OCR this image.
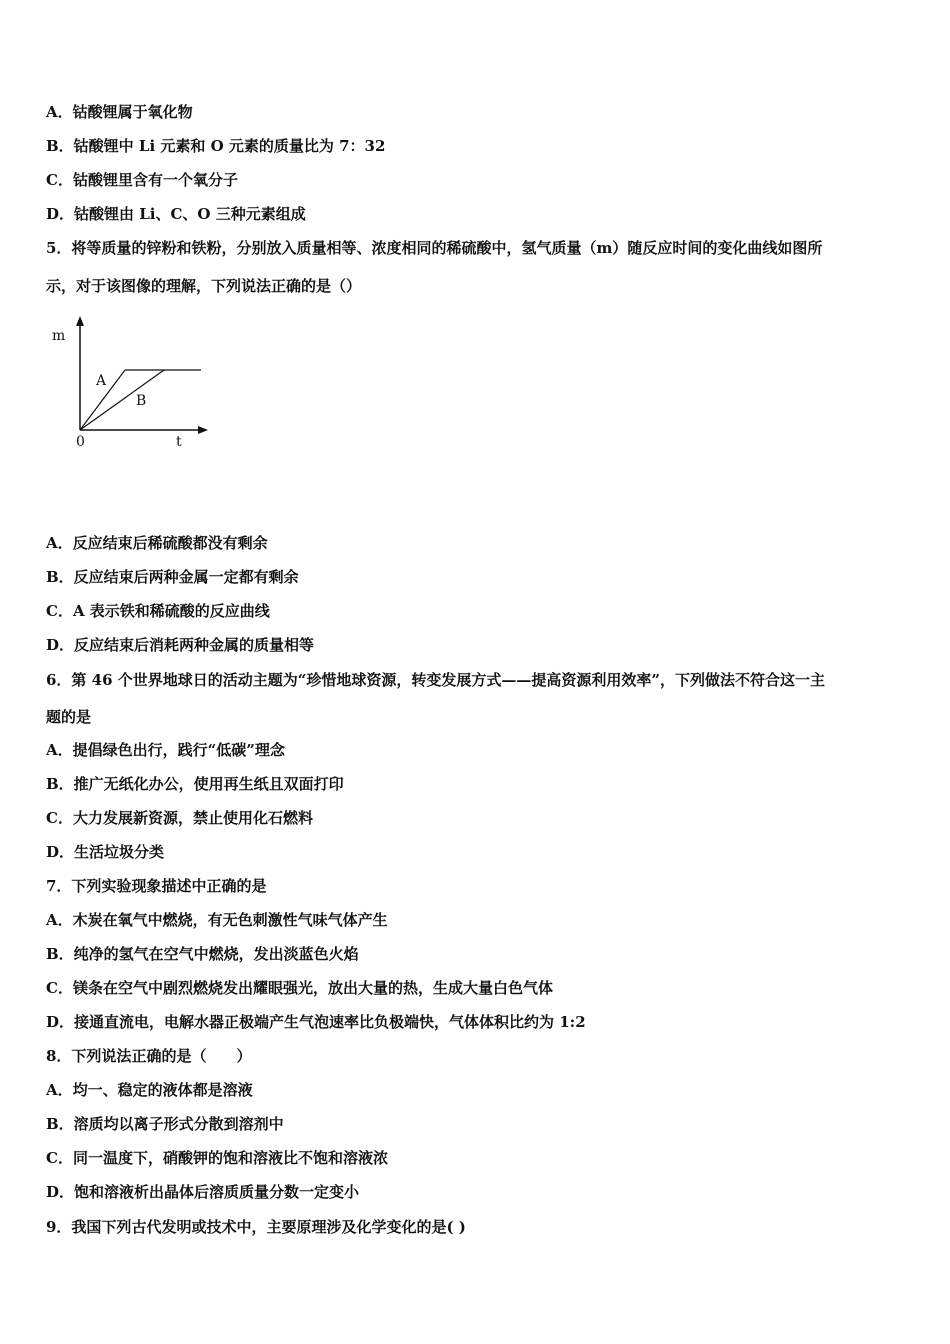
A．钴酸锂属于氧化物
B．钴酸锂中 Li 元素和 O 元素的质量比为 7：32
C．钴酸锂里含有一个氧分子
D．钴酸锂由 Li、C、O 三种元素组成
5．将等质量的锌粉和铁粉，分别放入质量相等、浓度相同的稀硫酸中，氢气质量（m）随反应时间的变化曲线如图所
示，对于该图像的理解，下列说法正确的是（）
m
t
0
A
B
A．反应结束后稀硫酸都没有剩余
B．反应结束后两种金属一定都有剩余
C．A 表示铁和稀硫酸的反应曲线
D．反应结束后消耗两种金属的质量相等
6．第 46 个世界地球日的活动主题为“珍惜地球资源，转变发展方式——提高资源利用效率”，下列做法不符合这一主
题的是
A．提倡绿色出行，践行“低碳”理念
B．推广无纸化办公，使用再生纸且双面打印
C．大力发展新资源，禁止使用化石燃料
D．生活垃圾分类
7．下列实验现象描述中正确的是
A．木炭在氧气中燃烧，有无色刺激性气味气体产生
B．纯净的氢气在空气中燃烧，发出淡蓝色火焰
C．镁条在空气中剧烈燃烧发出耀眼强光，放出大量的热，生成大量白色气体
D．接通直流电，电解水器正极端产生气泡速率比负极端快，气体体积比约为 1:2
8．下列说法正确的是（　　）
A．均一、稳定的液体都是溶液
B．溶质均以离子形式分散到溶剂中
C．同一温度下，硝酸钾的饱和溶液比不饱和溶液浓
D．饱和溶液析出晶体后溶质质量分数一定变小
9．我国下列古代发明或技术中，主要原理涉及化学变化的是( )
